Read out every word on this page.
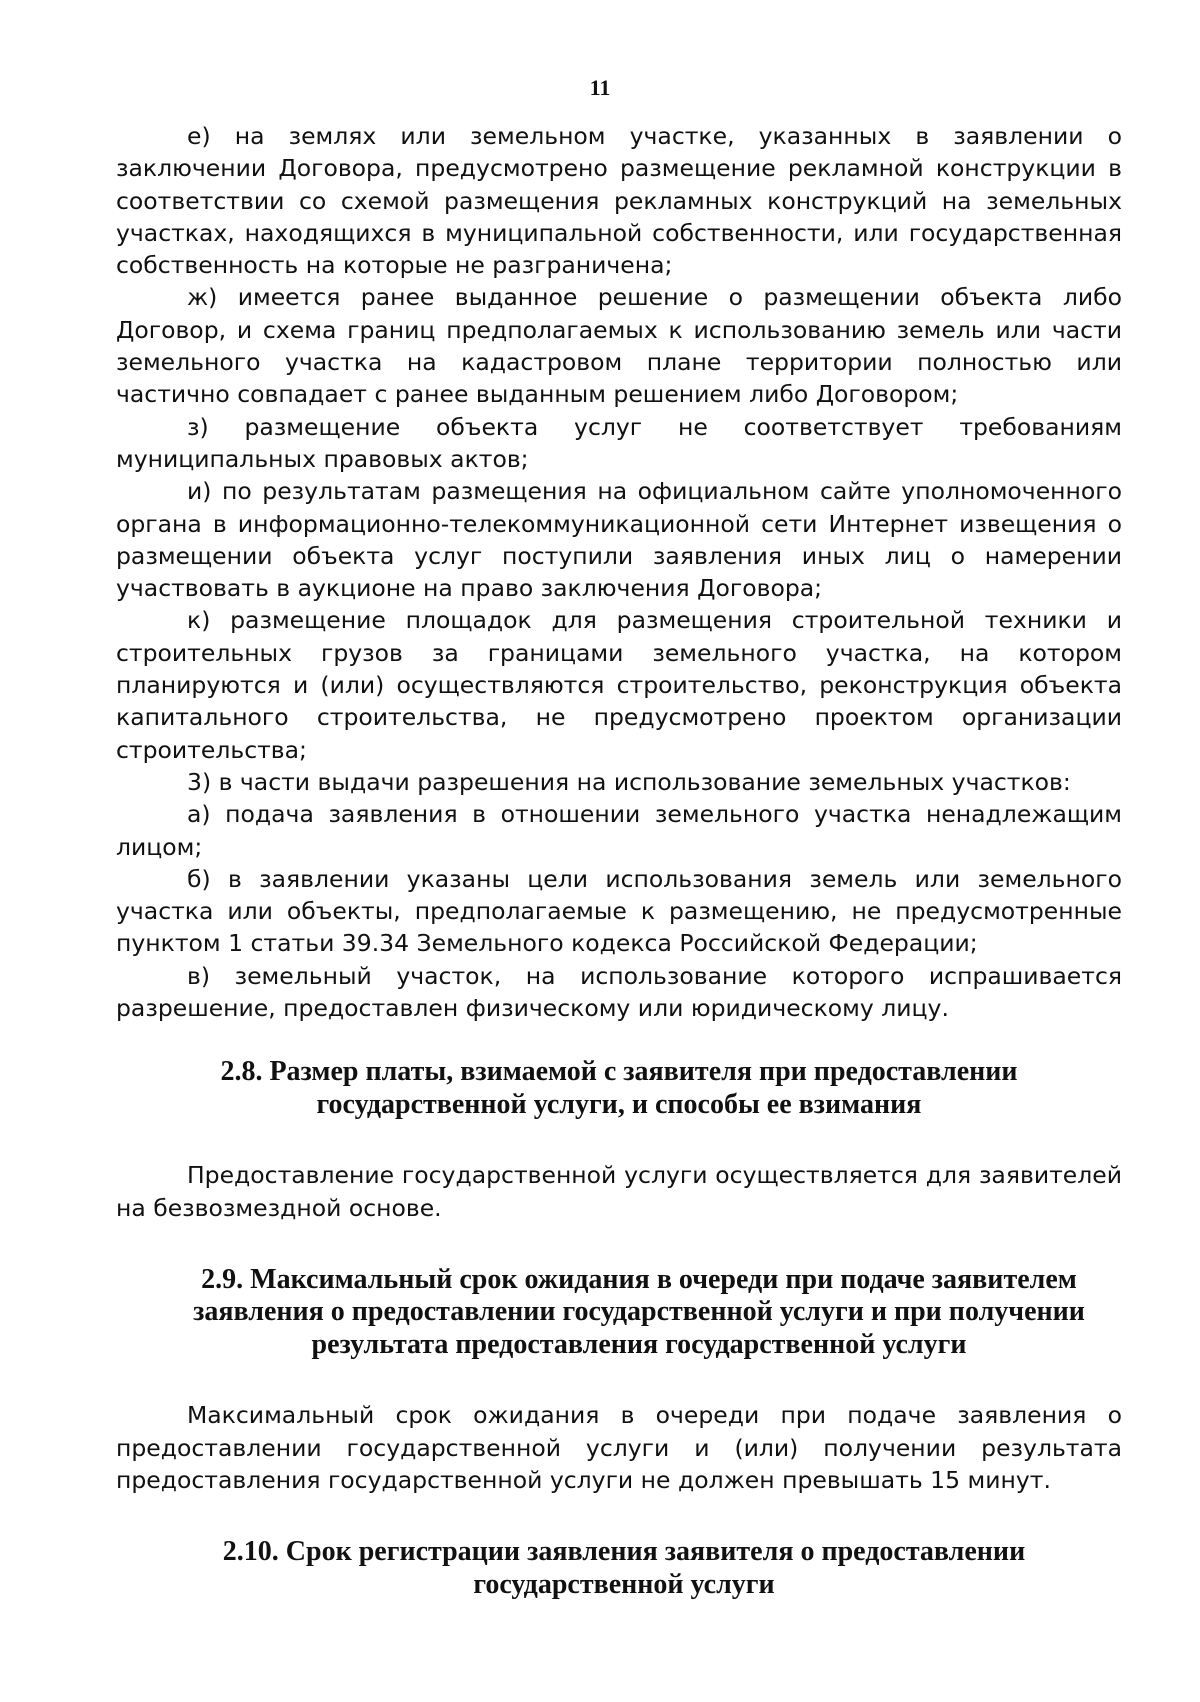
11

е) на землях или земельном участке, указанных в заявлении о заключении Договора, предусмотрено размещение рекламной конструкции в соответствии со схемой размещения рекламных конструкций на земельных участках, находящихся в муниципальной собственности, или государственная собственность на которые не разграничена;

ж) имеется ранее выданное решение о размещении объекта либо Договор, и схема границ предполагаемых к использованию земель или части земельного участка на кадастровом плане территории полностью или частично совпадает с ранее выданным решением либо Договором;

з) размещение объекта услуг не соответствует требованиям муниципальных правовых актов;

и) по результатам размещения на официальном сайте уполномоченного органа в информационно-телекоммуникационной сети Интернет извещения о размещении объекта услуг поступили заявления иных лиц о намерении участвовать в аукционе на право заключения Договора;

к) размещение площадок для размещения строительной техники и строительных грузов за границами земельного участка, на котором планируются и (или) осуществляются строительство, реконструкция объекта капитального строительства, не предусмотрено проектом организации строительства;

3) в части выдачи разрешения на использование земельных участков:

а) подача заявления в отношении земельного участка ненадлежащим лицом;

б) в заявлении указаны цели использования земель или земельного участка или объекты, предполагаемые к размещению, не предусмотренные пунктом 1 статьи 39.34 Земельного кодекса Российской Федерации;

в) земельный участок, на использование которого испрашивается разрешение, предоставлен физическому или юридическому лицу.

2.8. Размер платы, взимаемой с заявителя при предоставлении государственной услуги, и способы ее взимания

Предоставление государственной услуги осуществляется для заявителей на безвозмездной основе.

2.9. Максимальный срок ожидания в очереди при подаче заявителем заявления о предоставлении государственной услуги и при получении результата предоставления государственной услуги

Максимальный срок ожидания в очереди при подаче заявления о предоставлении государственной услуги и (или) получении результата предоставления государственной услуги не должен превышать 15 минут.

2.10. Срок регистрации заявления заявителя о предоставлении государственной услуги
